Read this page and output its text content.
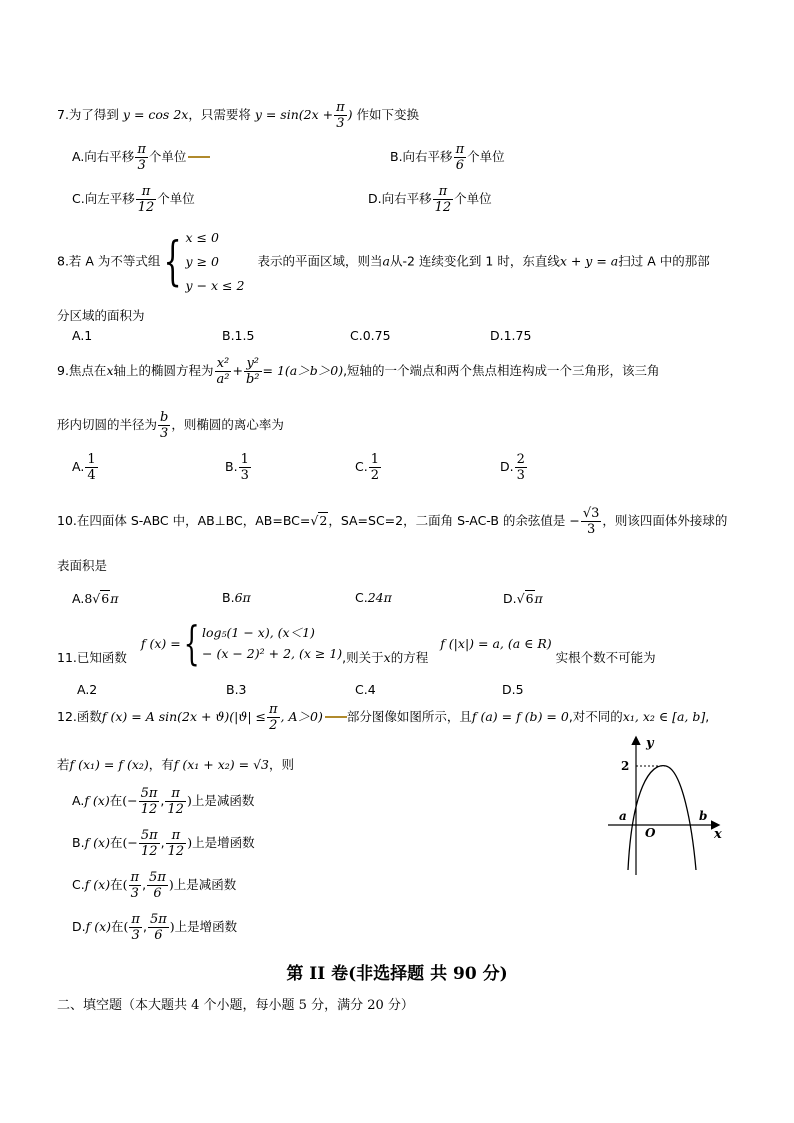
7.为了得到 y = cos 2x，只需要将 $y = \sin(2x + \frac{\pi}{3}$ ) 作如下变换
A.向右平移 $\frac{\pi}{3}$ 个单位	B.向右平移 $\frac{\pi}{6}$ 个单位
C.向左平移 $\frac{\pi}{12}$ 个单位	D.向右平移 $\frac{\pi}{12}$ 个单位
8.若 A 为不等式组{ x ≤ 0
y ≥ 0
y − x ≤ 2
表示的平面区域，则当a从-2 连续变化到 1 时，东直线x + y = a扫过 A 中的那部
分区域的面积为
A.1	B.1.5	C.0.75	D.1.75
9.焦点在x轴上的椭圆方程为 $\frac{\text{x²}}{\text{a²}} + \frac{\text{y²}}{\text{b²}} = 1(a>b>0)$,短轴的一个端点和两个焦点相连构成一个三角形，该三角
形内切圆的半径为 $\frac{b}{3}$ ，则椭圆的离心率为
A. $\frac{1}{4}$	B. $\frac{1}{3}$	C. $\frac{1}{2}$	D. $\frac{2}{3}$
10.在四面体 S-ABC 中，AB⊥BC，AB=BC=√2，SA=SC=2，二面角 S-AC-B 的余弦值是 − $\frac{√3}{3}$ ，则该四面体外接球的
表面积是
A.8√6π	B.6π	C.24π	D.√6π
11.已知函数 f (x) ={ log₅(1 − x), (x＜1)
− (x − 2)² + 2, (x ≥ 1) ,则关于x的方程 f (|x|) = a, (a ∈ R) 实根个数不可能为
A.2	B.3	C.4	D.5
12.函数f (x) = A $\sin(2x + ϑ)(|ϑ| \le \frac{\pi}{2}$ , A＞0) 部分图像如图所示，且f (a) = f (b) = 0,对不同的x₁, x₂ ∈ [a, b],
若f (x₁) = f (x₂)，有f (x₁ + x₂) = √3，则
A.f (x)在(− $\frac{5\pi}{12}$ , $\frac{\pi}{12}$ )上是减函数
B.f (x)在(− $\frac{5\pi}{12}$ , $\frac{\pi}{12}$ )上是增函数
C.f (x)在( $\frac{\pi}{3}$ , $\frac{5\pi}{6}$ )上是减函数
D.f (x)在( $\frac{\pi}{3}$ , $\frac{5\pi}{6}$ )上是增函数
y
x
2
a	b
O
第 II 卷(非选择题 共 90 分)
二、填空题（本大题共 4 个小题，每小题 5 分，满分 20 分）
